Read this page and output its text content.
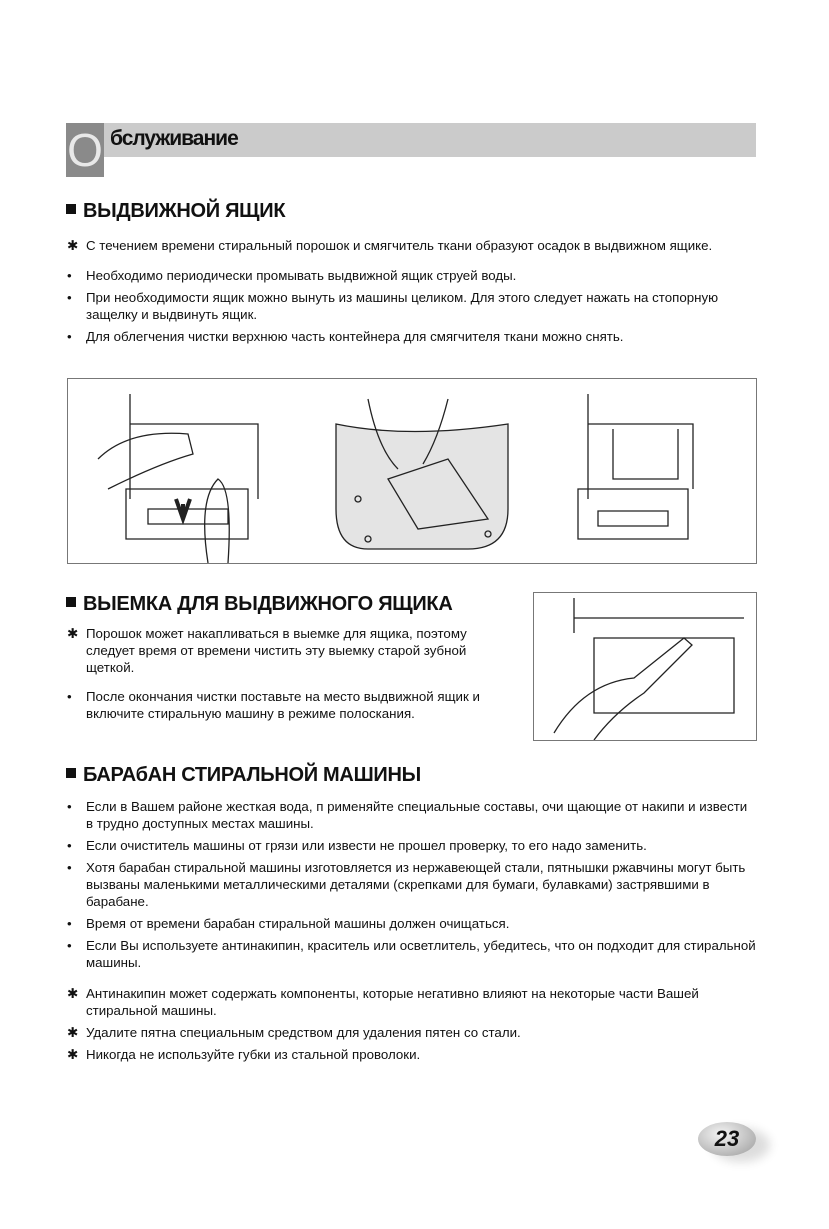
О бслуживание
ВЫДВИЖНОЙ ЯЩИК
✱ С течением времени стиральный порошок и смягчитель ткани образуют осадок в выдвижном ящике.
• Необходимо периодически промывать выдвижной ящик струей воды.
• При необходимости ящик можно вынуть из машины целиком. Для этого следует нажать на стопорную защелку и выдвинуть ящик.
• Для облегчения чистки верхнюю часть контейнера для смягчителя ткани можно снять.
ВЫЕМКА ДЛЯ ВЫДВИЖНОГО ЯЩИКА
✱ Порошок может накапливаться в выемке для ящика, поэтому следует время от времени чистить эту выемку старой зубной щеткой.
• После окончания чистки поставьте на место выдвижной ящик и включите стиральную машину в режиме полоскания.
БАРАбАН СТИРАЛЬНОЙ МАШИНЫ
• Если в Вашем районе жесткая вода, п рименяйте специальные составы, очи щающие от накипи и извести в трудно доступных местах машины.
• Если очиститель машины от грязи или извести не прошел проверку, то его надо заменить.
• Хотя барабан стиральной машины изготовляется из нержавеющей стали, пятнышки ржавчины могут быть вызваны маленькими металлическими деталями (скрепками для бумаги, булавками) застрявшими в барабане.
• Время от времени барабан стиральной машины должен очищаться.
• Если Вы используете антинакипин, краситель или осветлитель, убедитесь, что он подходит для стиральной машины.
✱ Антинакипин может содержать компоненты, которые негативно влияют на некоторые части Вашей стиральной машины.
✱ Удалите пятна специальным средством для удаления пятен со стали.
✱ Никогда не используйте губки из стальной проволоки.
23
